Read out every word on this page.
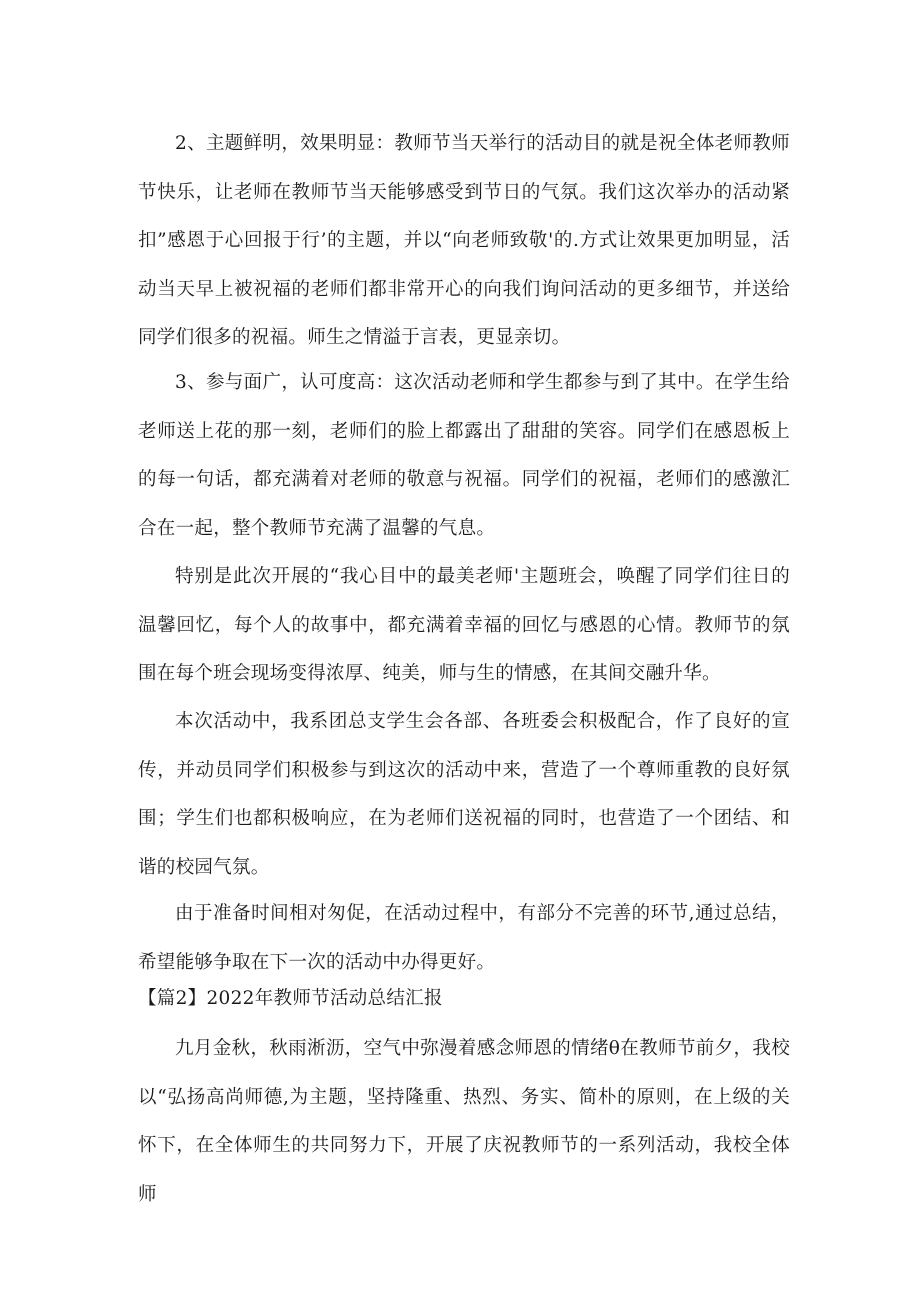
2、主题鲜明，效果明显：教师节当天举行的活动目的就是祝全体老师教师节快乐，让老师在教师节当天能够感受到节日的气氛。我们这次举办的活动紧扣”感恩于心回报于行’的主题，并以“向老师致敬'的.方式让效果更加明显，活动当天早上被祝福的老师们都非常开心的向我们询问活动的更多细节，并送给同学们很多的祝福。师生之情溢于言表，更显亲切。

3、参与面广，认可度高：这次活动老师和学生都参与到了其中。在学生给老师送上花的那一刻，老师们的脸上都露出了甜甜的笑容。同学们在感恩板上的每一句话，都充满着对老师的敬意与祝福。同学们的祝福，老师们的感激汇合在一起，整个教师节充满了温馨的气息。

特别是此次开展的“我心目中的最美老师'主题班会，唤醒了同学们往日的温馨回忆，每个人的故事中，都充满着幸福的回忆与感恩的心情。教师节的氛围在每个班会现场变得浓厚、纯美，师与生的情感，在其间交融升华。

本次活动中，我系团总支学生会各部、各班委会积极配合，作了良好的宣传，并动员同学们积极参与到这次的活动中来，营造了一个尊师重教的良好氛围；学生们也都积极响应，在为老师们送祝福的同时，也营造了一个团结、和谐的校园气氛。

由于准备时间相对匆促，在活动过程中，有部分不完善的环节,通过总结，希望能够争取在下一次的活动中办得更好。

【篇2】2022年教师节活动总结汇报

九月金秋，秋雨淅沥，空气中弥漫着感念师恩的情绪θ在教师节前夕，我校以“弘扬高尚师德,为主题，坚持隆重、热烈、务实、简朴的原则，在上级的关怀下，在全体师生的共同努力下，开展了庆祝教师节的一系列活动，我校全体师
